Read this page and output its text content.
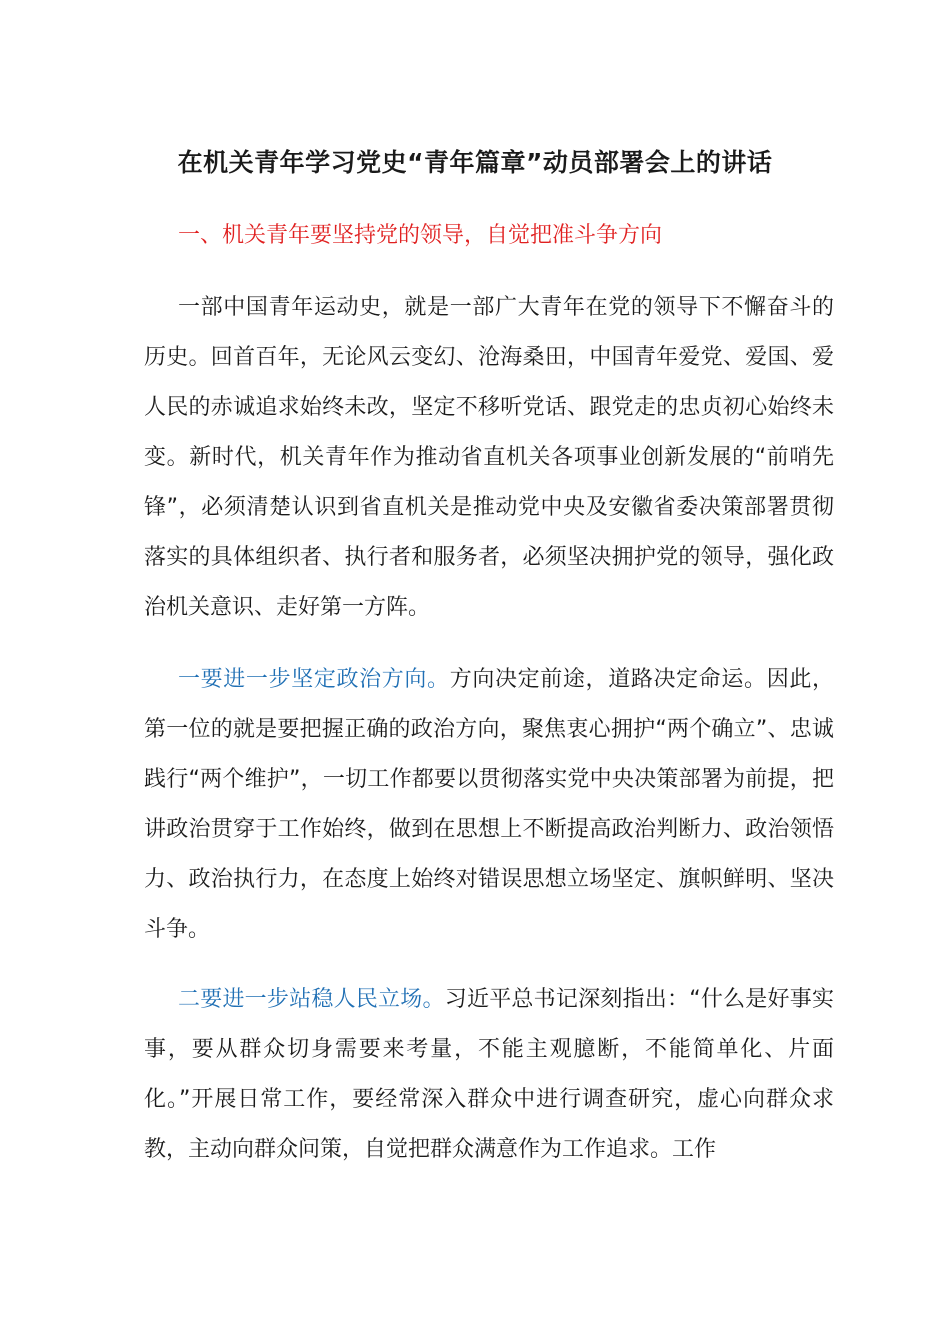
在机关青年学习党史“青年篇章”动员部署会上的讲话
一、机关青年要坚持党的领导，自觉把准斗争方向

一部中国青年运动史，就是一部广大青年在党的领导下不懈奋斗的历史。回首百年，无论风云变幻、沧海桑田，中国青年爱党、爱国、爱人民的赤诚追求始终未改，坚定不移听党话、跟党走的忠贞初心始终未变。新时代，机关青年作为推动省直机关各项事业创新发展的“前哨先锋”，必须清楚认识到省直机关是推动党中央及安徽省委决策部署贯彻落实的具体组织者、执行者和服务者，必须坚决拥护党的领导，强化政治机关意识、走好第一方阵。

一要进一步坚定政治方向。方向决定前途，道路决定命运。因此，第一位的就是要把握正确的政治方向，聚焦衷心拥护“两个确立”、忠诚践行“两个维护”，一切工作都要以贯彻落实党中央决策部署为前提，把讲政治贯穿于工作始终，做到在思想上不断提高政治判断力、政治领悟力、政治执行力，在态度上始终对错误思想立场坚定、旗帜鲜明、坚决斗争。

二要进一步站稳人民立场。习近平总书记深刻指出：“什么是好事实事，要从群众切身需要来考量，不能主观臆断，不能简单化、片面化。”开展日常工作，要经常深入群众中进行调查研究，虚心向群众求教，主动向群众问策，自觉把群众满意作为工作追求。工作
